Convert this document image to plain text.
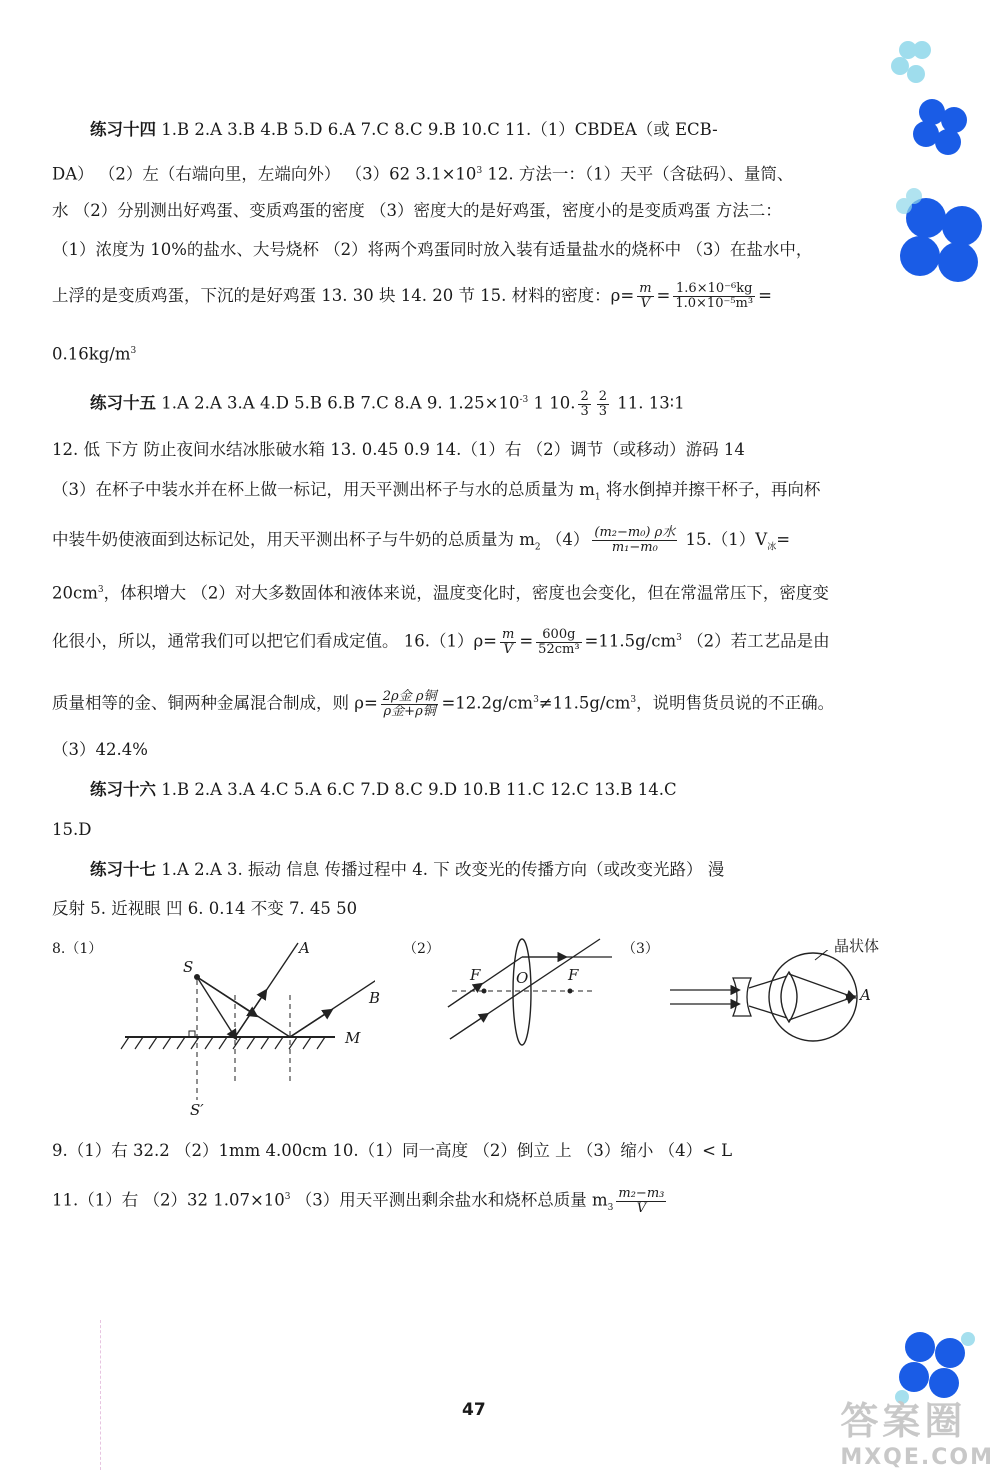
练习十四 1.B 2.A 3.B 4.B 5.D 6.A 7.C 8.C 9.B 10.C 11.（1）CBDEA（或 ECB-
DA） （2）左（右端向里，左端向外） （3）62 $3.1\times 10^3$ 12. 方法一：（1）天平（含砝码）、量筒、
水 （2）分别测出好鸡蛋、变质鸡蛋的密度 （3）密度大的是好鸡蛋，密度小的是变质鸡蛋 方法二：
（1）浓度为 10%的盐水、大号烧杯 （2）将两个鸡蛋同时放入装有适量盐水的烧杯中 （3）在盐水中，
上浮的是变质鸡蛋，下沉的是好鸡蛋 13. 30 块 14. 20 节 15. 材料的密度：$\rho= \frac{m}{V} = \frac{\text{1.6×10⁻⁶kg}}{\text{1.0×10⁻⁵m³}}$ =
$0.16kg/m^3$
练习十五 1.A 2.A 3.A 4.D 5.B 6.B 7.C 8.A 9. $1.25\times 10^{-3}$ 1 10. $\frac{2}{3} \frac{2}{3} 11$. 13∶1
12. 低 下方 防止夜间水结冰胀破水箱 13. 0.45 0.9 14.（1）右 （2）调节（或移动）游码 14
（3）在杯子中装水并在杯上做一标记，用天平测出杯子与水的总质量为 $m_1$ 将水倒掉并擦干杯子，再向杯
中装牛奶使液面到达标记处，用天平测出杯子与牛奶的总质量为 $m_2$ $(4) \frac{\text{(m₂−m₀) ρ水}}{\text{m₁−m₀}} 15.(1)V_冰=$
$20cm^3$，体积增大 （2）对大多数固体和液体来说，温度变化时，密度也会变化，但在常温常压下，密度变
化很小，所以，通常我们可以把它们看成定值。 $16.(1)\rho= \frac{m}{V} = \frac{600g}{\text{52cm³}} =11.5g/cm^3$ （2）若工艺品是由
质量相等的金、铜两种金属混合制成，则 $\rho= \frac{\text{2ρ金 ρ铜}}{\text{ρ金+ρ铜}} =12.2g/cm^3\ne 11.5g/cm^3$，说明售货员说的不正确。
（3）42.4%
练习十六 1.B 2.A 3.A 4.C 5.A 6.C 7.D 8.C 9.D 10.B 11.C 12.C 13.B 14.C
15.D
练习十七 1.A 2.A 3. 振动 信息 传播过程中 4. 下 改变光的传播方向（或改变光路） 漫
反射 5. 近视眼 凹 6. 0.14 不变 7. 45 50
8.（1）	（2）	（3）
S
A
B
M
S′
F O	F
晶状体
A
9.（1）右 32.2 （2）1mm 4.00cm 10.（1）同一高度 （2）倒立 上 （3）缩小 （4）< L
11.（1）右 （2）32 $1.07\times 10^3$ （3）用天平测出剩余盐水和烧杯总质量 $m_3 \frac{\text{m₂−m₃}}{V}$
47	答案圈
MXQE.COM
